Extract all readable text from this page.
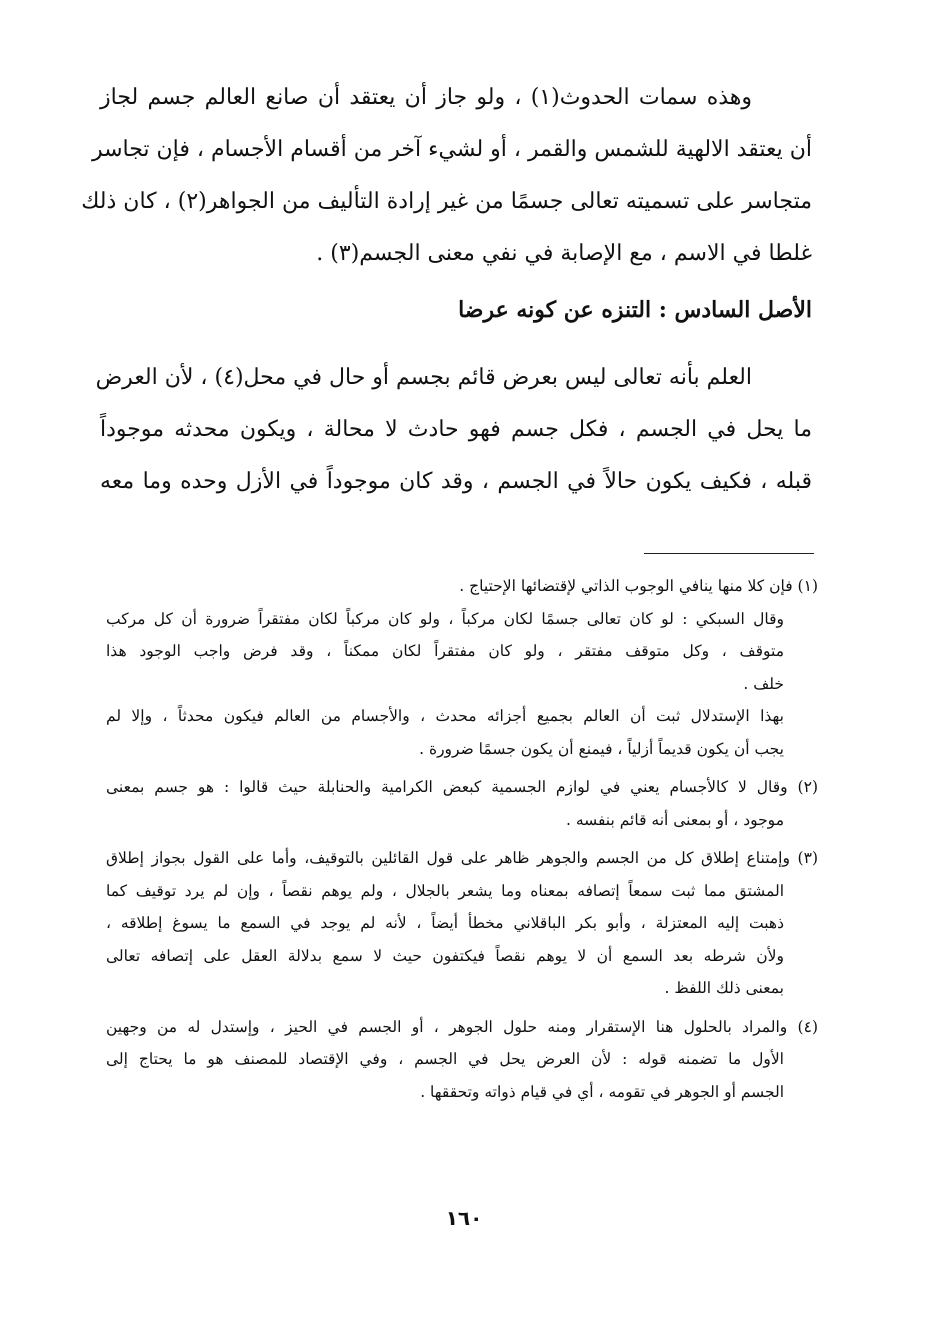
وهذه سمات الحدوث(١) ، ولو جاز أن يعتقد أن صانع العالم جسم لجاز
أن يعتقد الالهية للشمس والقمر ، أو لشيء آخر من أقسام الأجسام ، فإن تجاسر
متجاسر على تسميته تعالى جسمًا من غير إرادة التأليف من الجواهر(٢) ، كان ذلك
غلطا في الاسم ، مع الإصابة في نفي معنى الجسم(٣) .
الأصل السادس : التنزه عن كونه عرضا
العلم بأنه تعالى ليس بعرض قائم بجسم أو حال في محل(٤) ، لأن العرض
ما يحل في الجسم ، فكل جسم فهو حادث لا محالة ، ويكون محدثه موجوداً
قبله ، فكيف يكون حالاً في الجسم ، وقد كان موجوداً في الأزل وحده وما معه
(١) فإن كلا منها ينافي الوجوب الذاتي لإقتضائها الإحتياج .
وقال السبكي : لو كان تعالى جسمًا لكان مركباً ، ولو كان مركباً لكان مفتقراً ضرورة أن كل مركب
متوقف ، وكل متوقف مفتقر ، ولو كان مفتقراً لكان ممكناً ، وقد فرض واجب الوجود هذا
خلف .
بهذا الإستدلال ثبت أن العالم بجميع أجزائه محدث ، والأجسام من العالم فيكون محدثاً ، وإلا لم
يجب أن يكون قديماً أزلياً ، فيمنع أن يكون جسمًا ضرورة .
(٢) وقال لا كالأجسام يعني في لوازم الجسمية كبعض الكرامية والحنابلة حيث قالوا : هو جسم بمعنى
موجود ، أو بمعنى أنه قائم بنفسه .
(٣) وإمتناع إطلاق كل من الجسم والجوهر ظاهر على قول القائلين بالتوقيف، وأما على القول بجواز إطلاق
المشتق مما ثبت سمعاً إتصافه بمعناه وما يشعر بالجلال ، ولم يوهم نقصاً ، وإن لم يرد توقيف كما
ذهبت إليه المعتزلة ، وأبو بكر الباقلاني مخطأ أيضاً ، لأنه لم يوجد في السمع ما يسوغ إطلاقه ،
ولأن شرطه بعد السمع أن لا يوهم نقصاً فيكتفون حيث لا سمع بدلالة العقل على إتصافه تعالى
بمعنى ذلك اللفظ .
(٤) والمراد بالحلول هنا الإستقرار ومنه حلول الجوهر ، أو الجسم في الحيز ، وإستدل له من وجهين
الأول ما تضمنه قوله : لأن العرض يحل في الجسم ، وفي الإقتصاد للمصنف هو ما يحتاج إلى
الجسم أو الجوهر في تقومه ، أي في قيام ذواته وتحققها .
١٦٠
